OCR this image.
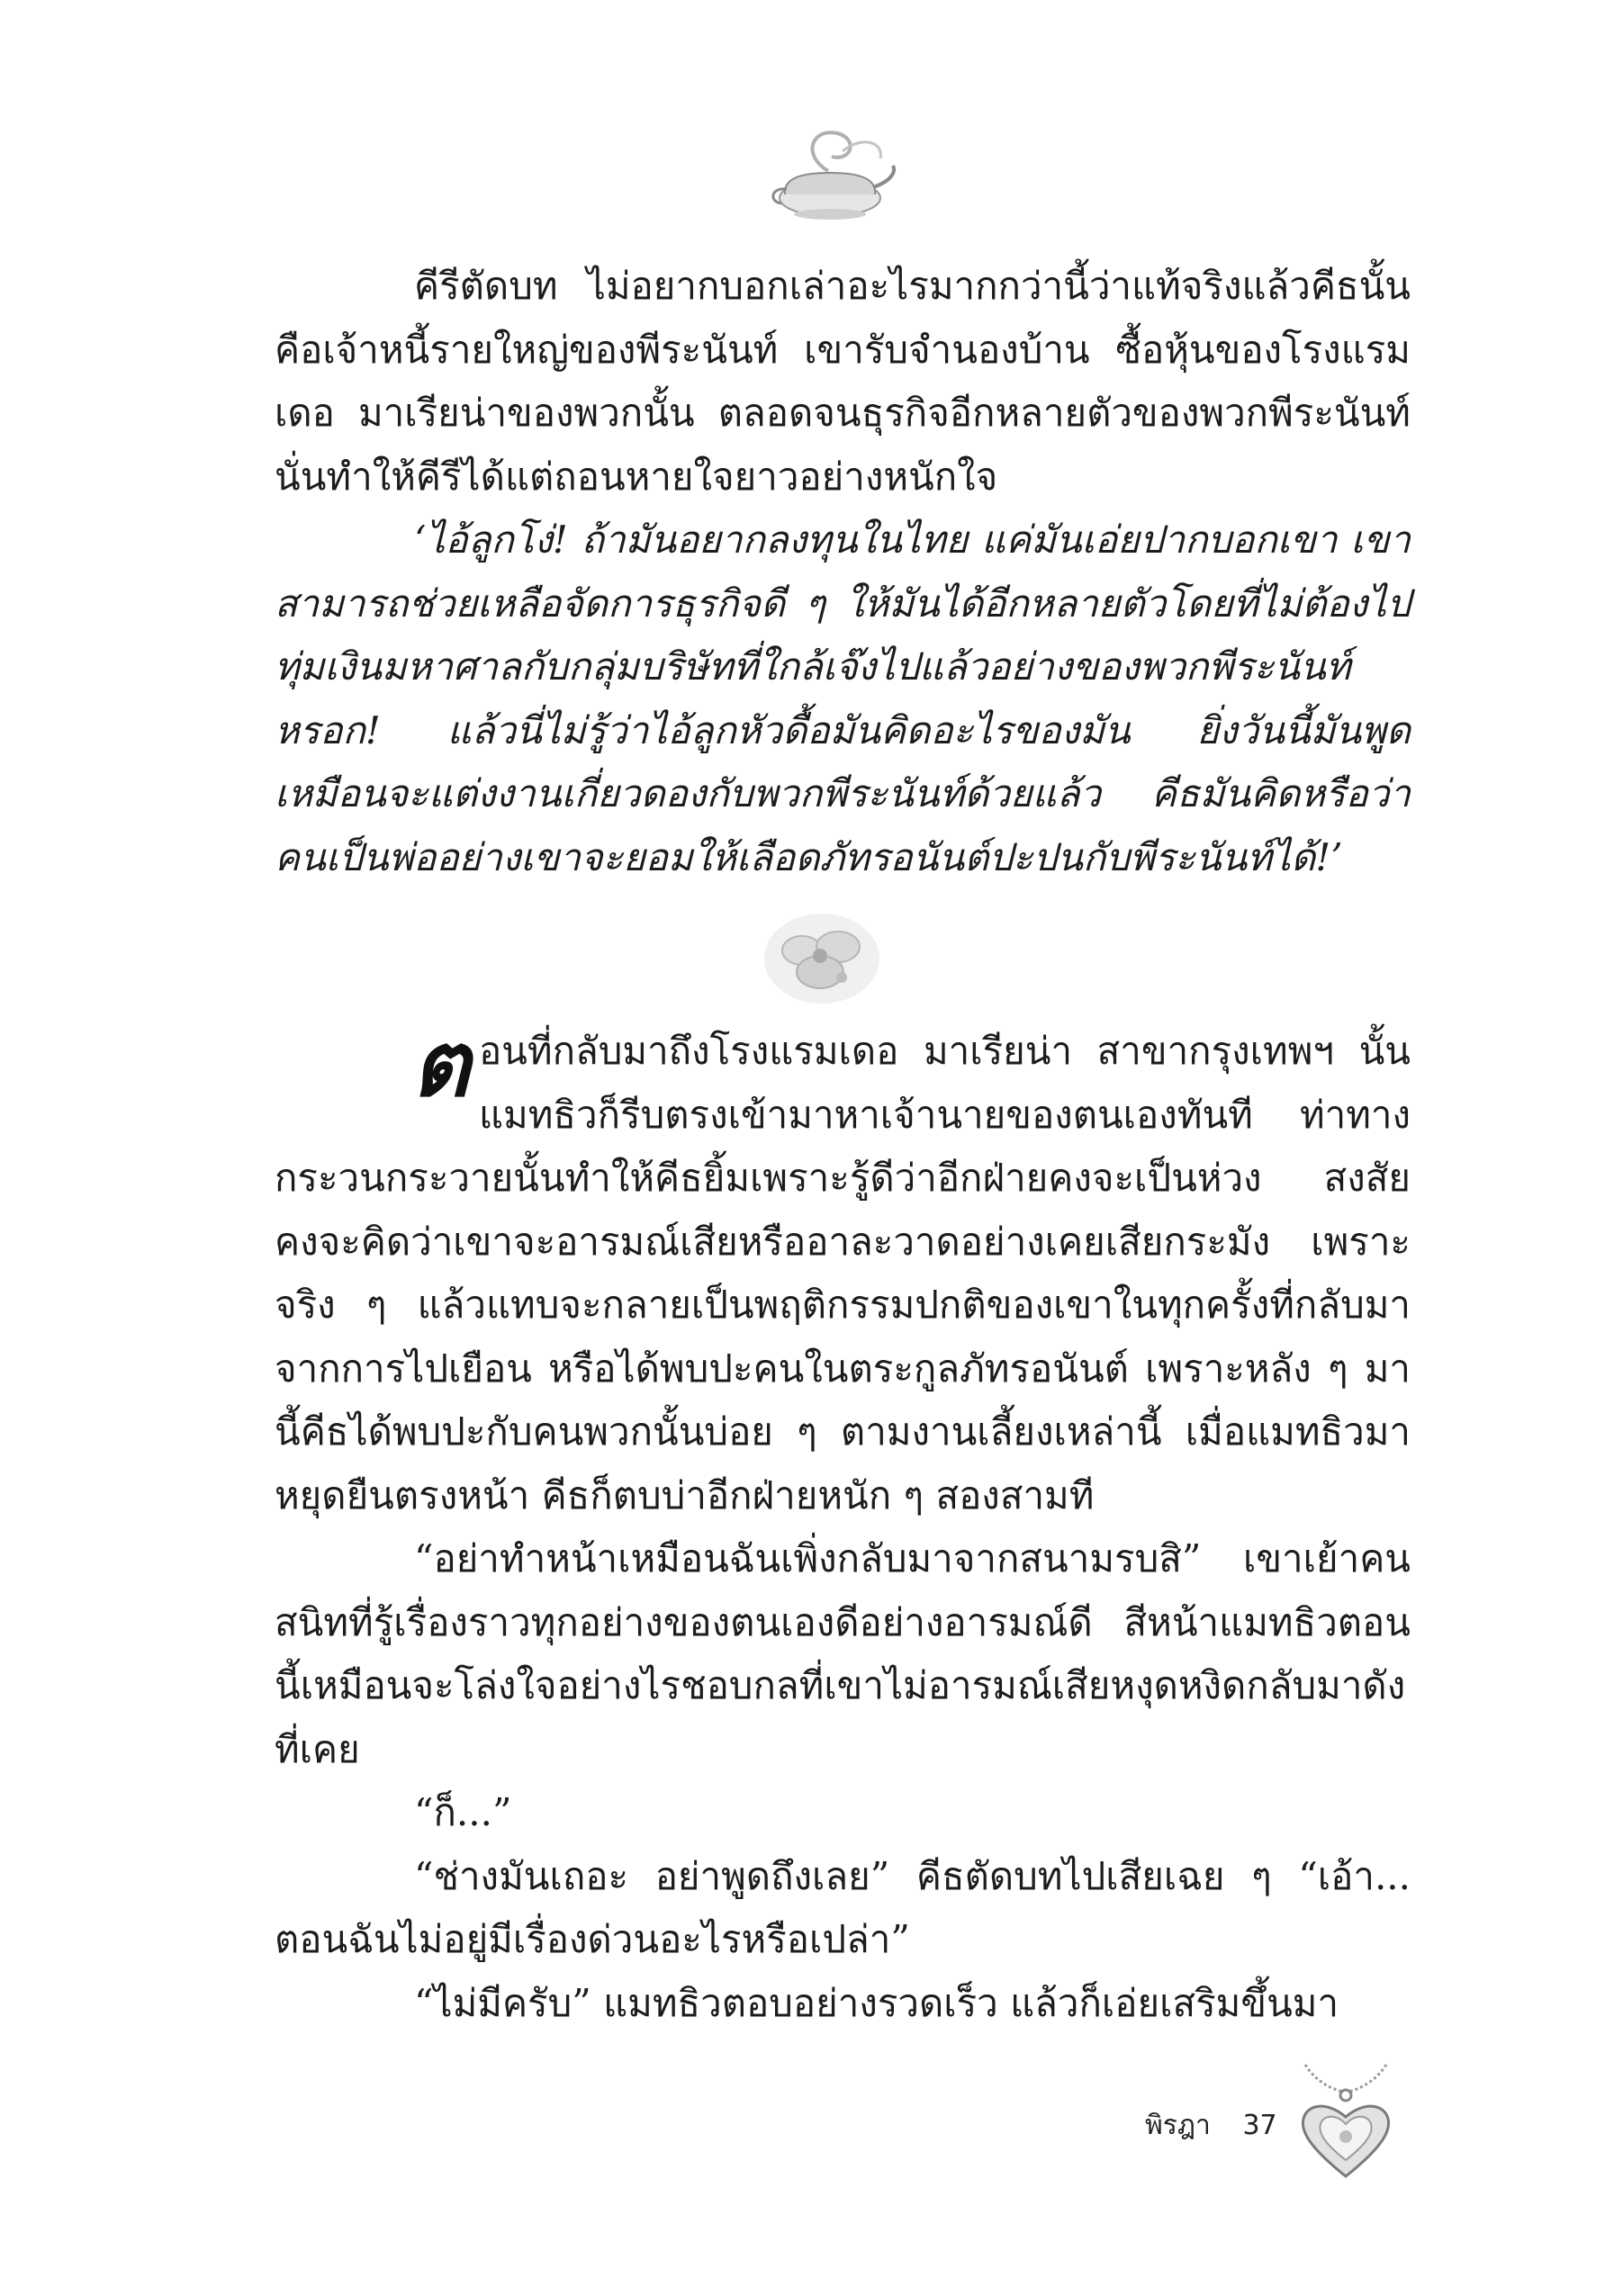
คีรีตัดบท ไม่อยากบอกเล่าอะไรมากกว่านี้ว่าแท้จริงแล้วคีธนั้นคือเจ้าหนี้รายใหญ่ของพีระนันท์ เขารับจำนองบ้าน ซื้อหุ้นของโรงแรมเดอ มาเรียน่าของพวกนั้น ตลอดจนธุรกิจอีกหลายตัวของพวกพีระนันท์ นั่นทำให้คีรีได้แต่ถอนหายใจยาวอย่างหนักใจ

‘ไอ้ลูกโง่! ถ้ามันอยากลงทุนในไทย แค่มันเอ่ยปากบอกเขา เขาสามารถช่วยเหลือจัดการธุรกิจดี ๆ ให้มันได้อีกหลายตัวโดยที่ไม่ต้องไปทุ่มเงินมหาศาลกับกลุ่มบริษัทที่ใกล้เจ๊งไปแล้วอย่างของพวกพีระนันท์หรอก! แล้วนี่ไม่รู้ว่าไอ้ลูกหัวดื้อมันคิดอะไรของมัน ยิ่งวันนี้มันพูดเหมือนจะแต่งงานเกี่ยวดองกับพวกพีระนันท์ด้วยแล้ว คีธมันคิดหรือว่าคนเป็นพ่ออย่างเขาจะยอมให้เลือดภัทรอนันต์ปะปนกับพีระนันท์ได้!’

ตอนที่กลับมาถึงโรงแรมเดอ มาเรียน่า สาขากรุงเทพฯ นั้น แมทธิวก็รีบตรงเข้ามาหาเจ้านายของตนเองทันที ท่าทางกระวนกระวายนั้นทำให้คีธยิ้มเพราะรู้ดีว่าอีกฝ่ายคงจะเป็นห่วง สงสัยคงจะคิดว่าเขาจะอารมณ์เสียหรืออาละวาดอย่างเคยเสียกระมัง เพราะจริง ๆ แล้วแทบจะกลายเป็นพฤติกรรมปกติของเขาในทุกครั้งที่กลับมาจากการไปเยือน หรือได้พบปะคนในตระกูลภัทรอนันต์ เพราะหลัง ๆ มานี้คีธได้พบปะกับคนพวกนั้นบ่อย ๆ ตามงานเลี้ยงเหล่านี้ เมื่อแมทธิวมาหยุดยืนตรงหน้า คีธก็ตบบ่าอีกฝ่ายหนัก ๆ สองสามที

“อย่าทำหน้าเหมือนฉันเพิ่งกลับมาจากสนามรบสิ” เขาเย้าคนสนิทที่รู้เรื่องราวทุกอย่างของตนเองดีอย่างอารมณ์ดี สีหน้าแมทธิวตอนนี้เหมือนจะโล่งใจอย่างไรชอบกลที่เขาไม่อารมณ์เสียหงุดหงิดกลับมาดังที่เคย

“ก็...”

“ช่างมันเถอะ อย่าพูดถึงเลย” คีธตัดบทไปเสียเฉย ๆ “เอ้า... ตอนฉันไม่อยู่มีเรื่องด่วนอะไรหรือเปล่า”

“ไม่มีครับ” แมทธิวตอบอย่างรวดเร็ว แล้วก็เอ่ยเสริมขึ้นมา

พิรฎา 37
